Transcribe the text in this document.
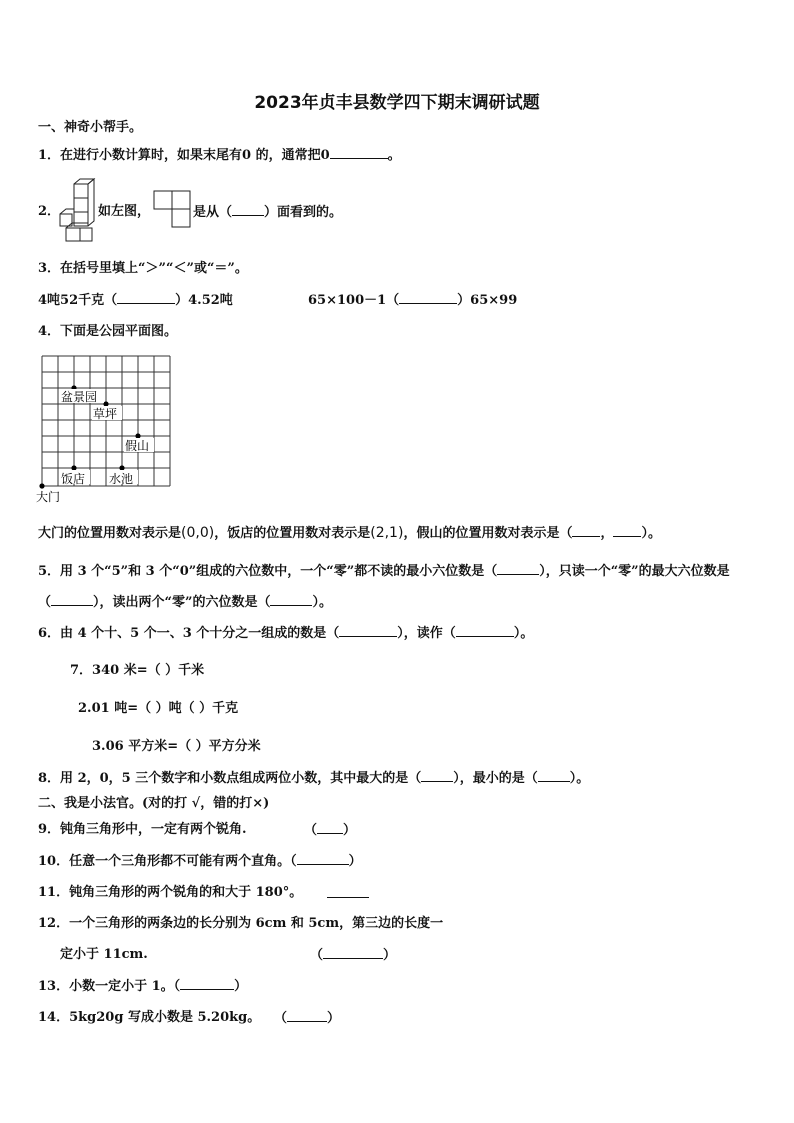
2023年贞丰县数学四下期末调研试题
一、神奇小帮手。
1．在进行小数计算时，如果末尾有0 的，通常把0	。
2．	如左图，	是从（ ）面看到的。
3．在括号里填上“＞”“＜”或“＝”。
4吨52千克（	）4.52吨	65×100－1（	）65×99
4．下面是公园平面图。
盆景园
草坪
假山
饭店 水池
大门
大门的位置用数对表示是(0,0)，饭店的位置用数对表示是(2,1)，假山的位置用数对表示是（ ， ）。
5．用 3 个“5”和 3 个“0”组成的六位数中，一个“零”都不读的最小六位数是（	），只读一个“零”的最大六位数是
（	），读出两个“零”的六位数是（	）。
6．由 4 个十、5 个一、3 个十分之一组成的数是（	），读作（	）。
7．340 米=（ ）千米
2.01 吨=（ ）吨（ ）千克
3.06 平方米=（ ）平方分米
8．用 2，0，5 三个数字和小数点组成两位小数，其中最大的是（ ），最小的是（ ）。
二、我是小法官。(对的打 √，错的打×)
9．钝角三角形中，一定有两个锐角.	（ ）
10．任意一个三角形都不可能有两个直角。（	）
11．钝角三角形的两个锐角的和大于 180°。
12．一个三角形的两条边的长分别为 6cm 和 5cm，第三边的长度一
定小于 11cm.	（	）
13．小数一定小于 1。（	）
14．5kg20g 写成小数是 5.20kg。 （	）
